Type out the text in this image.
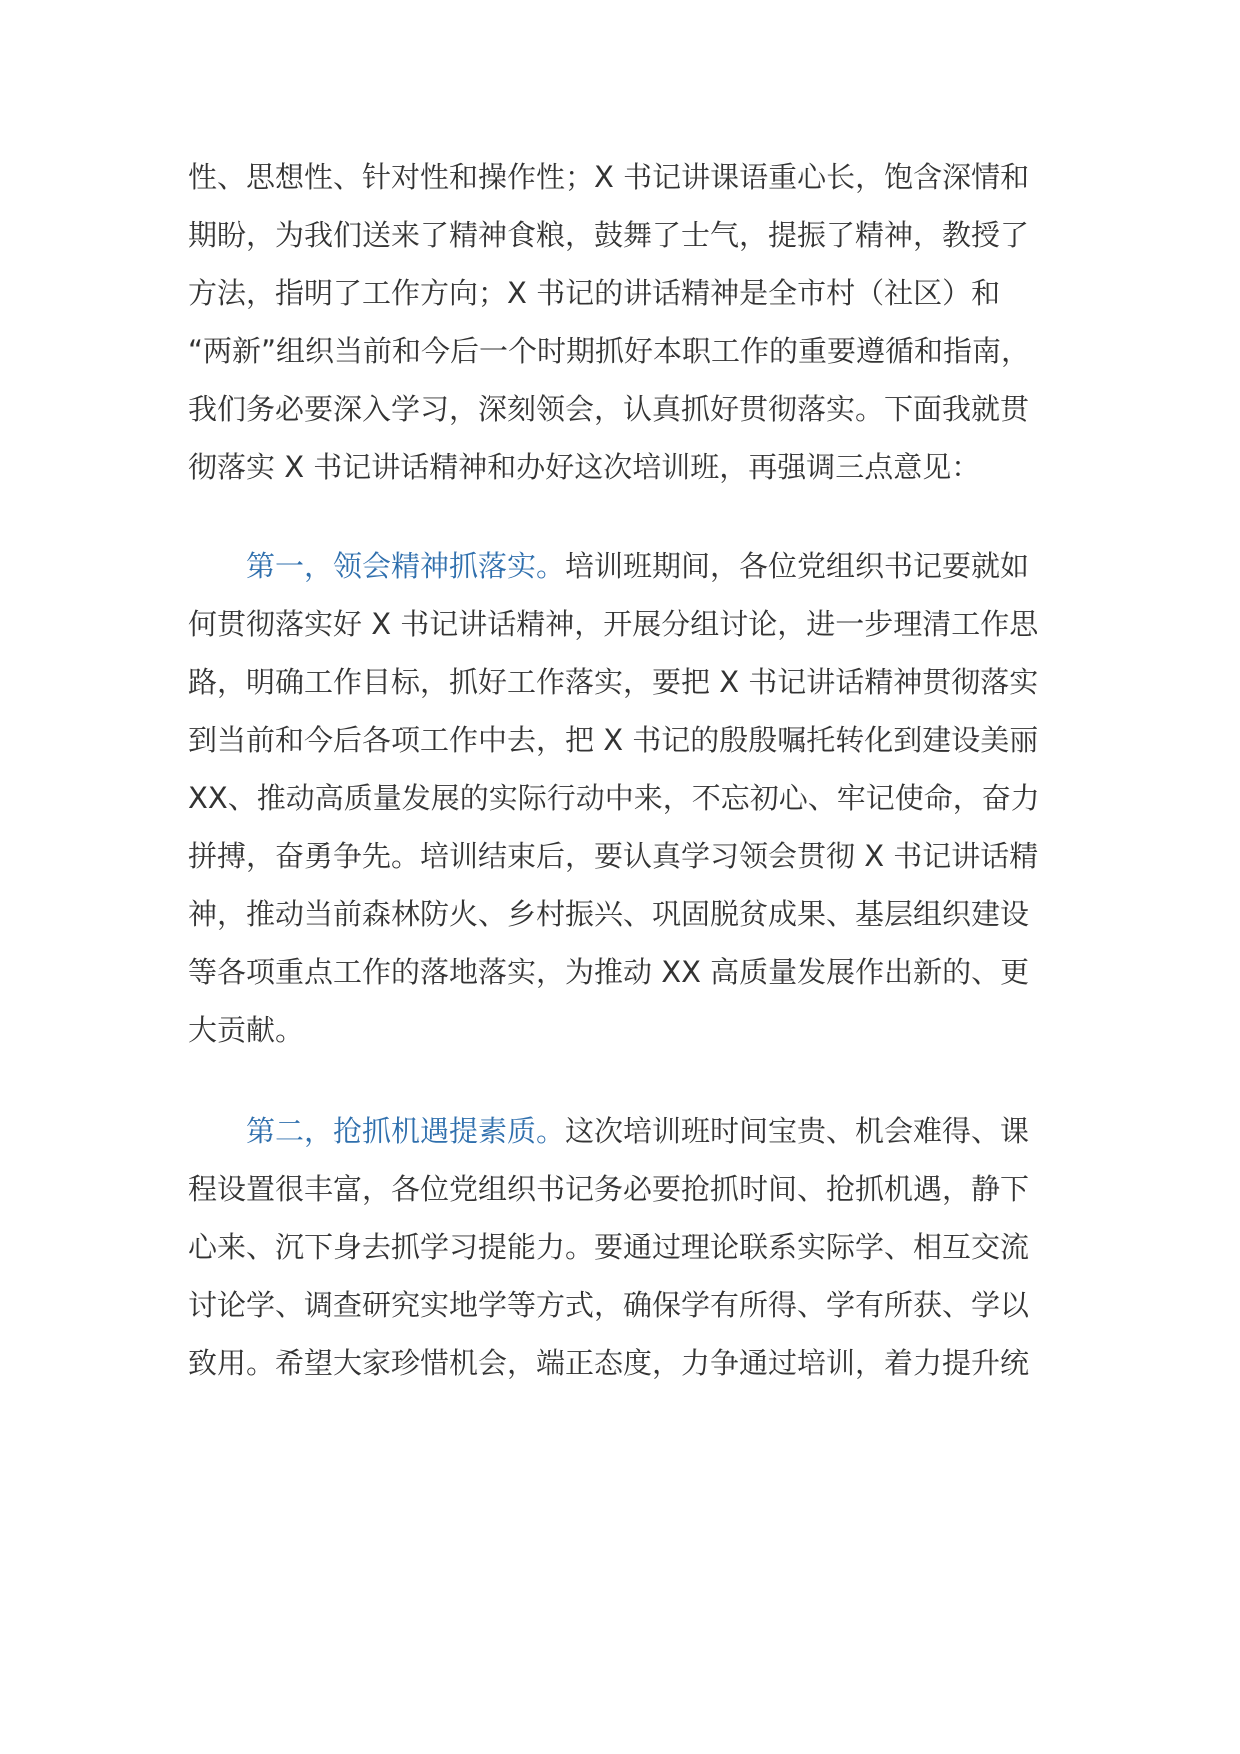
性、思想性、针对性和操作性；X 书记讲课语重心长，饱含深情和
期盼，为我们送来了精神食粮，鼓舞了士气，提振了精神，教授了
方法，指明了工作方向；X 书记的讲话精神是全市村（社区）和
“两新”组织当前和今后一个时期抓好本职工作的重要遵循和指南，
我们务必要深入学习，深刻领会，认真抓好贯彻落实。下面我就贯
彻落实 X 书记讲话精神和办好这次培训班，再强调三点意见：
第一，领会精神抓落实。培训班期间，各位党组织书记要就如
何贯彻落实好 X 书记讲话精神，开展分组讨论，进一步理清工作思
路，明确工作目标，抓好工作落实，要把 X 书记讲话精神贯彻落实
到当前和今后各项工作中去，把 X 书记的殷殷嘱托转化到建设美丽
XX、推动高质量发展的实际行动中来，不忘初心、牢记使命，奋力
拼搏，奋勇争先。培训结束后，要认真学习领会贯彻 X 书记讲话精
神，推动当前森林防火、乡村振兴、巩固脱贫成果、基层组织建设
等各项重点工作的落地落实，为推动 XX 高质量发展作出新的、更
大贡献。
第二，抢抓机遇提素质。这次培训班时间宝贵、机会难得、课
程设置很丰富，各位党组织书记务必要抢抓时间、抢抓机遇，静下
心来、沉下身去抓学习提能力。要通过理论联系实际学、相互交流
讨论学、调查研究实地学等方式，确保学有所得、学有所获、学以
致用。希望大家珍惜机会，端正态度，力争通过培训，着力提升统
